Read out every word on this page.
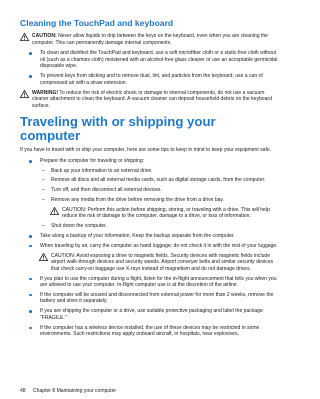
Cleaning the TouchPad and keyboard
CAUTION: Never allow liquids to drip between the keys on the keyboard, even when you are cleaning the computer. This can permanently damage internal components.
To clean and disinfect the TouchPad and keyboard, use a soft microfiber cloth or a static-free cloth without oil (such as a chamois cloth) moistened with an alcohol-free glass cleaner or use an acceptable germicidal disposable wipe.
To prevent keys from sticking and to remove dust, lint, and particles from the keyboard, use a can of compressed air with a straw extension.
WARNING! To reduce the risk of electric shock or damage to internal components, do not use a vacuum cleaner attachment to clean the keyboard. A vacuum cleaner can deposit household debris on the keyboard surface.
Traveling with or shipping your computer

If you have to travel with or ship your computer, here are some tips to keep in mind to keep your equipment safe.

Prepare the computer for traveling or shipping:
– Back up your information to an external drive.
– Remove all discs and all external media cards, such as digital storage cards, from the computer.
– Turn off, and then disconnect all external devices.
– Remove any media from the drive before removing the drive from a drive bay.
CAUTION: Perform this action before shipping, storing, or traveling with a drive. This will help reduce the risk of damage to the computer, damage to a drive, or loss of information.
– Shut down the computer.
Take along a backup of your information. Keep the backup separate from the computer.
When traveling by air, carry the computer as hand luggage; do not check it in with the rest of your luggage.
CAUTION: Avoid exposing a drive to magnetic fields. Security devices with magnetic fields include airport walk-through devices and security wands. Airport conveyer belts and similar security devices that check carry-on baggage use X-rays instead of magnetism and do not damage drives.
If you plan to use the computer during a flight, listen for the in-flight announcement that tells you when you are allowed to use your computer. In-flight computer use is at the discretion of the airline.
If the computer will be unused and disconnected from external power for more than 2 weeks, remove the battery and store it separately.
If you are shipping the computer or a drive, use suitable protective packaging and label the package "FRAGILE."
If the computer has a wireless device installed, the use of these devices may be restricted in some environments. Such restrictions may apply onboard aircraft, in hospitals, near explosives,
48 Chapter 8 Maintaining your computer
